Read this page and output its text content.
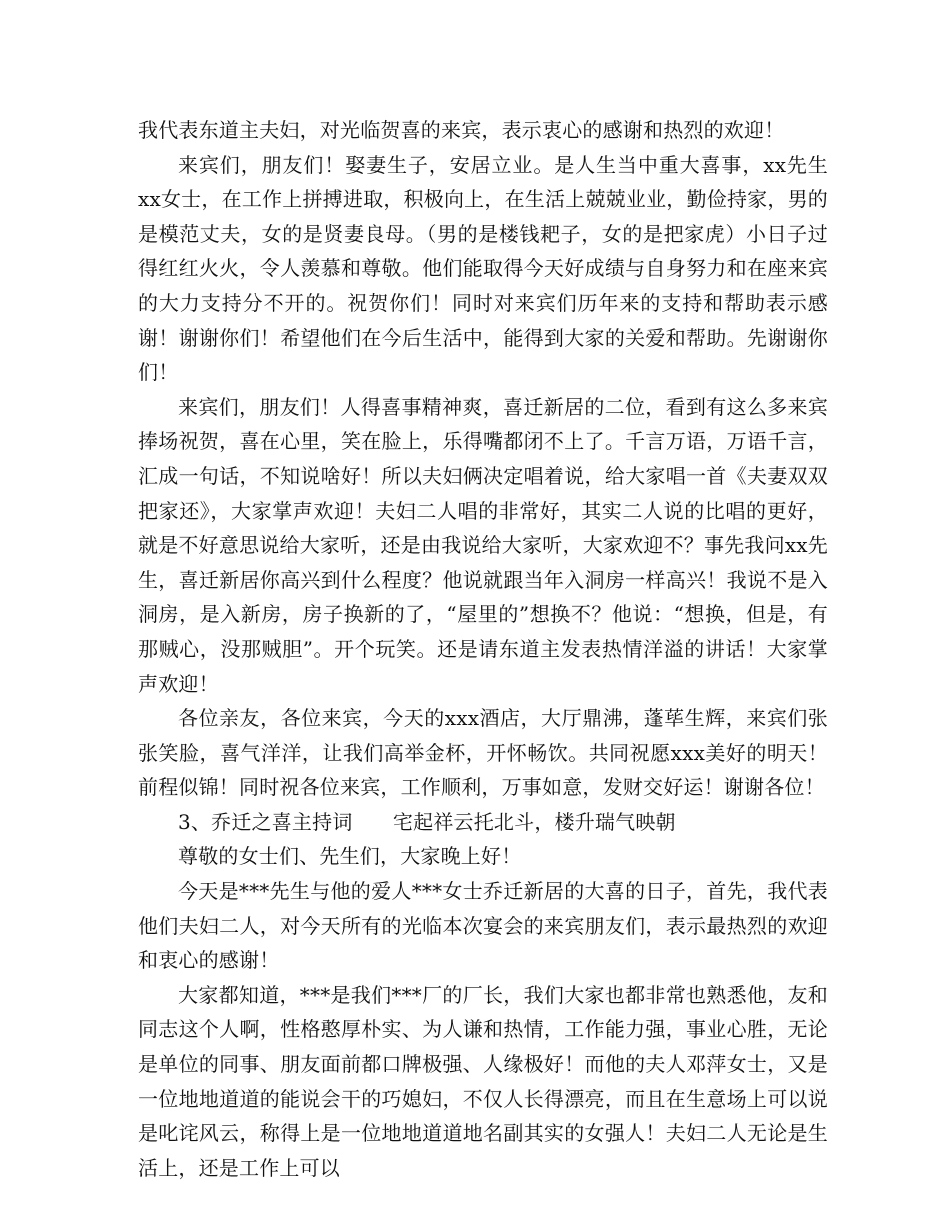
我代表东道主夫妇，对光临贺喜的来宾，表示衷心的感谢和热烈的欢迎！

来宾们，朋友们！娶妻生子，安居立业。是人生当中重大喜事，xx先生xx女士，在工作上拼搏进取，积极向上，在生活上兢兢业业，勤俭持家，男的是模范丈夫，女的是贤妻良母。（男的是楼钱耙子，女的是把家虎）小日子过得红红火火，令人羡慕和尊敬。他们能取得今天好成绩与自身努力和在座来宾的大力支持分不开的。祝贺你们！同时对来宾们历年来的支持和帮助表示感谢！谢谢你们！希望他们在今后生活中，能得到大家的关爱和帮助。先谢谢你们！

来宾们，朋友们！人得喜事精神爽，喜迁新居的二位，看到有这么多来宾捧场祝贺，喜在心里，笑在脸上，乐得嘴都闭不上了。千言万语，万语千言，汇成一句话，不知说啥好！所以夫妇俩决定唱着说，给大家唱一首《夫妻双双把家还》，大家掌声欢迎！夫妇二人唱的非常好，其实二人说的比唱的更好，就是不好意思说给大家听，还是由我说给大家听，大家欢迎不？事先我问xx先生，喜迁新居你高兴到什么程度？他说就跟当年入洞房一样高兴！我说不是入洞房，是入新房，房子换新的了，“屋里的”想换不？他说：“想换，但是，有那贼心，没那贼胆”。开个玩笑。还是请东道主发表热情洋溢的讲话！大家掌声欢迎！

各位亲友，各位来宾，今天的xxx酒店，大厅鼎沸，蓬荜生辉，来宾们张张笑脸，喜气洋洋，让我们高举金杯，开怀畅饮。共同祝愿xxx美好的明天！前程似锦！同时祝各位来宾，工作顺利，万事如意，发财交好运！谢谢各位！

3、乔迁之喜主持词　　宅起祥云托北斗，楼升瑞气映朝

尊敬的女士们、先生们，大家晚上好！

今天是***先生与他的爱人***女士乔迁新居的大喜的日子，首先，我代表他们夫妇二人，对今天所有的光临本次宴会的来宾朋友们，表示最热烈的欢迎和衷心的感谢！

大家都知道，***是我们***厂的厂长，我们大家也都非常也熟悉他，友和同志这个人啊，性格憨厚朴实、为人谦和热情，工作能力强，事业心胜，无论是单位的同事、朋友面前都口牌极强、人缘极好！而他的夫人邓萍女士，又是一位地地道道的能说会干的巧媳妇，不仅人长得漂亮，而且在生意场上可以说是叱诧风云，称得上是一位地地道道地名副其实的女强人！夫妇二人无论是生活上，还是工作上可以
